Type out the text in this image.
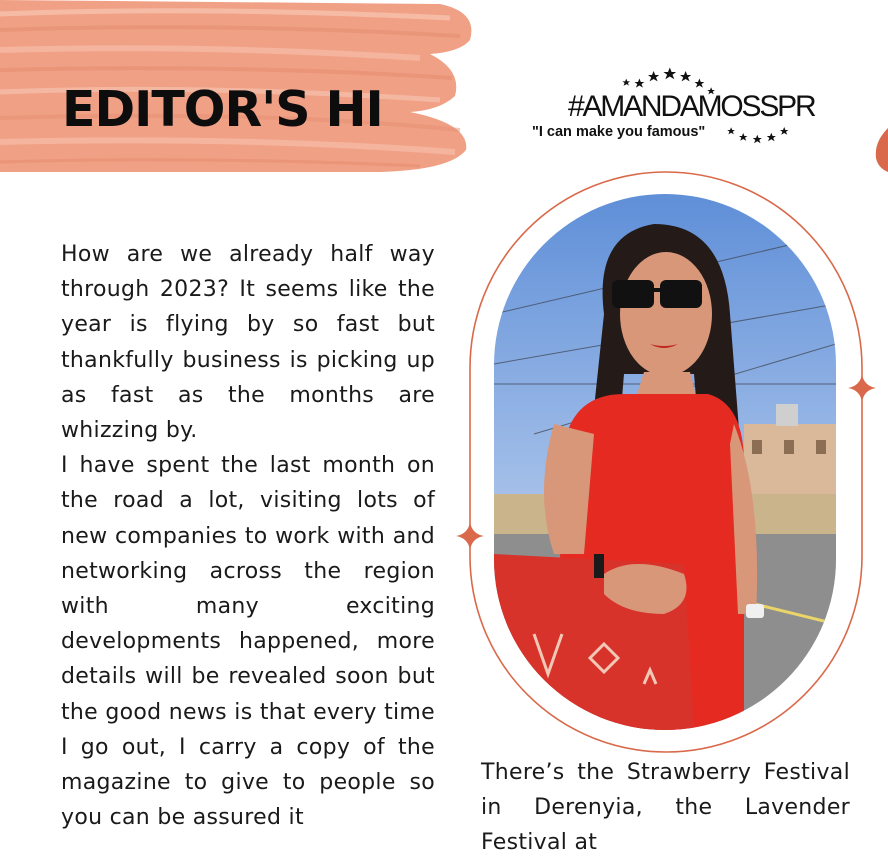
EDITOR'S HI	#AMANDAMOSSPR
"I can make you famous"

How are we already half way through 2023? It seems like the year is flying by so fast but thankfully business is picking up as fast as the months are whizzing by.

I have spent the last month on the road a lot, visiting lots of new companies to work with and networking across the region with many exciting developments happened, more details will be revealed soon but the good news is that every time I go out, I carry a copy of the magazine to give to people so you can be assured it

There’s the Strawberry Festival in Derenyia, the Lavender Festival at
